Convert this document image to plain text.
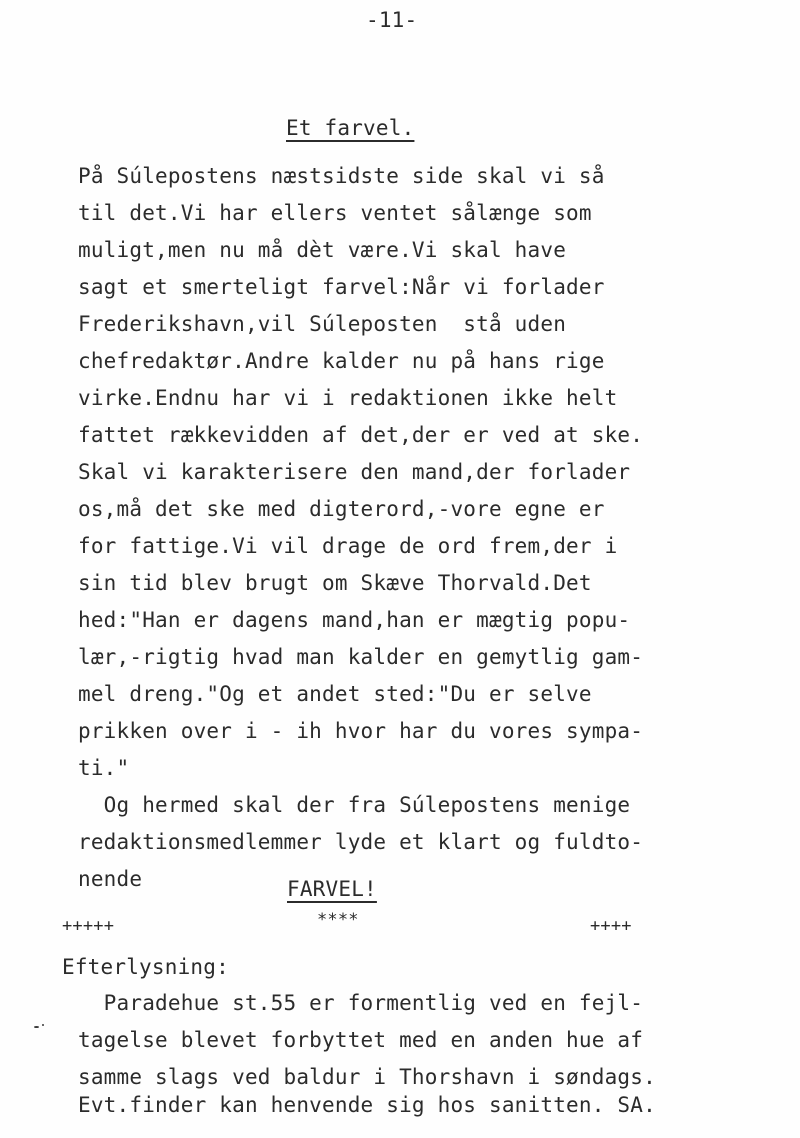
-11-
Et farvel.
På Súlepostens næstsidste side skal vi så
til det.Vi har ellers ventet sålænge som
muligt,men nu må dèt være.Vi skal have
sagt et smerteligt farvel:Når vi forlader
Frederikshavn,vil Súleposten  stå uden
chefredaktør.Andre kalder nu på hans rige
virke.Endnu har vi i redaktionen ikke helt
fattet rækkevidden af det,der er ved at ske.
Skal vi karakterisere den mand,der forlader
os,må det ske med digterord,-vore egne er
for fattige.Vi vil drage de ord frem,der i
sin tid blev brugt om Skæve Thorvald.Det
hed:"Han er dagens mand,han er mægtig popu-
lær,-rigtig hvad man kalder en gemytlig gam-
mel dreng."Og et andet sted:"Du er selve
prikken over i - ih hvor har du vores sympa-
ti."
Og hermed skal der fra Súlepostens menige
redaktionsmedlemmer lyde et klart og fuldto-
nende	FARVEL!
+++++	****	++++
Efterlysning:
Paradehue st.55 er formentlig ved en fejl-
tagelse blevet forbyttet med en anden hue af
samme slags ved baldur i Thorshavn i søndags.
Evt.finder kan henvende sig hos sanitten. SA.
